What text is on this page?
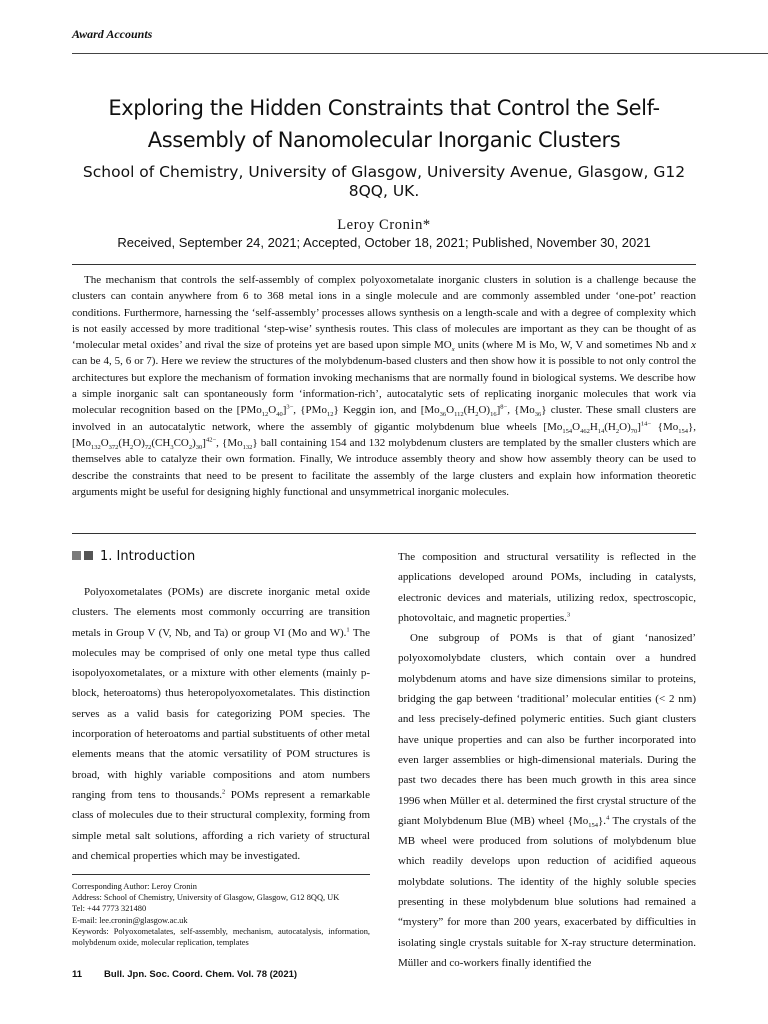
Award Accounts
Exploring the Hidden Constraints that Control the Self-Assembly of Nanomolecular Inorganic Clusters
School of Chemistry, University of Glasgow, University Avenue, Glasgow, G12 8QQ, UK.
Leroy Cronin*
Received, September 24, 2021; Accepted, October 18, 2021; Published, November 30, 2021

The mechanism that controls the self-assembly of complex polyoxometalate inorganic clusters in solution is a challenge because the clusters can contain anywhere from 6 to 368 metal ions in a single molecule and are commonly assembled under ‘one-pot’ reaction conditions. Furthermore, harnessing the ‘self-assembly’ processes allows synthesis on a length-scale and with a degree of complexity which is not easily accessed by more traditional ‘step-wise’ synthesis routes. This class of molecules are important as they can be thought of as ‘molecular metal oxides’ and rival the size of proteins yet are based upon simple $MO_x$ units (where M is Mo, W, V and sometimes Nb and x can be 4, 5, 6 or 7). Here we review the structures of the molybdenum-based clusters and then show how it is possible to not only control the architectures but explore the mechanism of formation invoking mechanisms that are normally found in biological systems. We describe how a simple inorganic salt can spontaneously form ‘information-rich’, autocatalytic sets of replicating inorganic molecules that work via molecular recognition based on the $[PMo_{12}O_{40}]^{3-}$, {PMo$_{12}$} Keggin ion, and $[Mo_{36}O_{112}(H_2O)_{16}]^{8-}$, $\{Mo_{36}\}$ cluster. These small clusters are involved in an autocatalytic network, where the assembly of gigantic molybdenum blue wheels $[Mo_{154}O_{462}H_{14}(H_2O)_{70}]^{14-}$ $\{Mo_{154}\}$, $[Mo_{132}O_{372}(H_2O)_{72}(CH_3CO_2)_{30}]^{42-}$, $\{Mo_{132}\}$ ball containing 154 and 132 molybdenum clusters are templated by the smaller clusters which are themselves able to catalyze their own formation. Finally, We introduce assembly theory and show how assembly theory can be used to describe the constraints that need to be present to facilitate the assembly of the large clusters and explain how information theoretic arguments might be useful for designing highly functional and unsymmetrical inorganic molecules.

1. Introduction

Polyoxometalates (POMs) are discrete inorganic metal oxide clusters. The elements most commonly occurring are transition metals in Group V (V, Nb, and Ta) or group VI (Mo and W).$^1$ The molecules may be comprised of only one metal type thus called isopolyoxometalates, or a mixture with other elements (mainly p-block, heteroatoms) thus heteropolyoxometalates. This distinction serves as a valid basis for categorizing POM species. The incorporation of heteroatoms and partial substituents of other metal elements means that the atomic versatility of POM structures is broad, with highly variable compositions and atom numbers ranging from tens to thousands.$^2$ POMs represent a remarkable class of molecules due to their structural complexity, forming from simple metal salt solutions, affording a rich variety of structural and chemical properties which may be investigated.

Corresponding Author: Leroy Cronin
Address: School of Chemistry, University of Glasgow, Glasgow, G12 8QQ, UK
Tel: +44 7773 321480
E-mail: lee.cronin@glasgow.ac.uk
Keywords: Polyoxometalates, self-assembly, mechanism, autocatalysis, information, molybdenum oxide, molecular replication, templates

The composition and structural versatility is reflected in the applications developed around POMs, including in catalysts, electronic devices and materials, utilizing redox, spectroscopic, photovoltaic, and magnetic properties.$^3$

One subgroup of POMs is that of giant ‘nanosized’ polyoxomolybdate clusters, which contain over a hundred molybdenum atoms and have size dimensions similar to proteins, bridging the gap between ‘traditional’ molecular entities (< 2 nm) and less precisely-defined polymeric entities. Such giant clusters have unique properties and can also be further incorporated into even larger assemblies or high-dimensional materials. During the past two decades there has been much growth in this area since 1996 when Müller et al. determined the first crystal structure of the giant Molybdenum Blue (MB) wheel $\{Mo_{154}\}.^4$ The crystals of the MB wheel were produced from solutions of molybdenum blue which readily develops upon reduction of acidified aqueous molybdate solutions. The identity of the highly soluble species presenting in these molybdenum blue solutions had remained a “mystery” for more than 200 years, exacerbated by difficulties in isolating single crystals suitable for X-ray structure determination. Müller and co-workers finally identified the

11 Bull. Jpn. Soc. Coord. Chem. Vol. 78 (2021)
